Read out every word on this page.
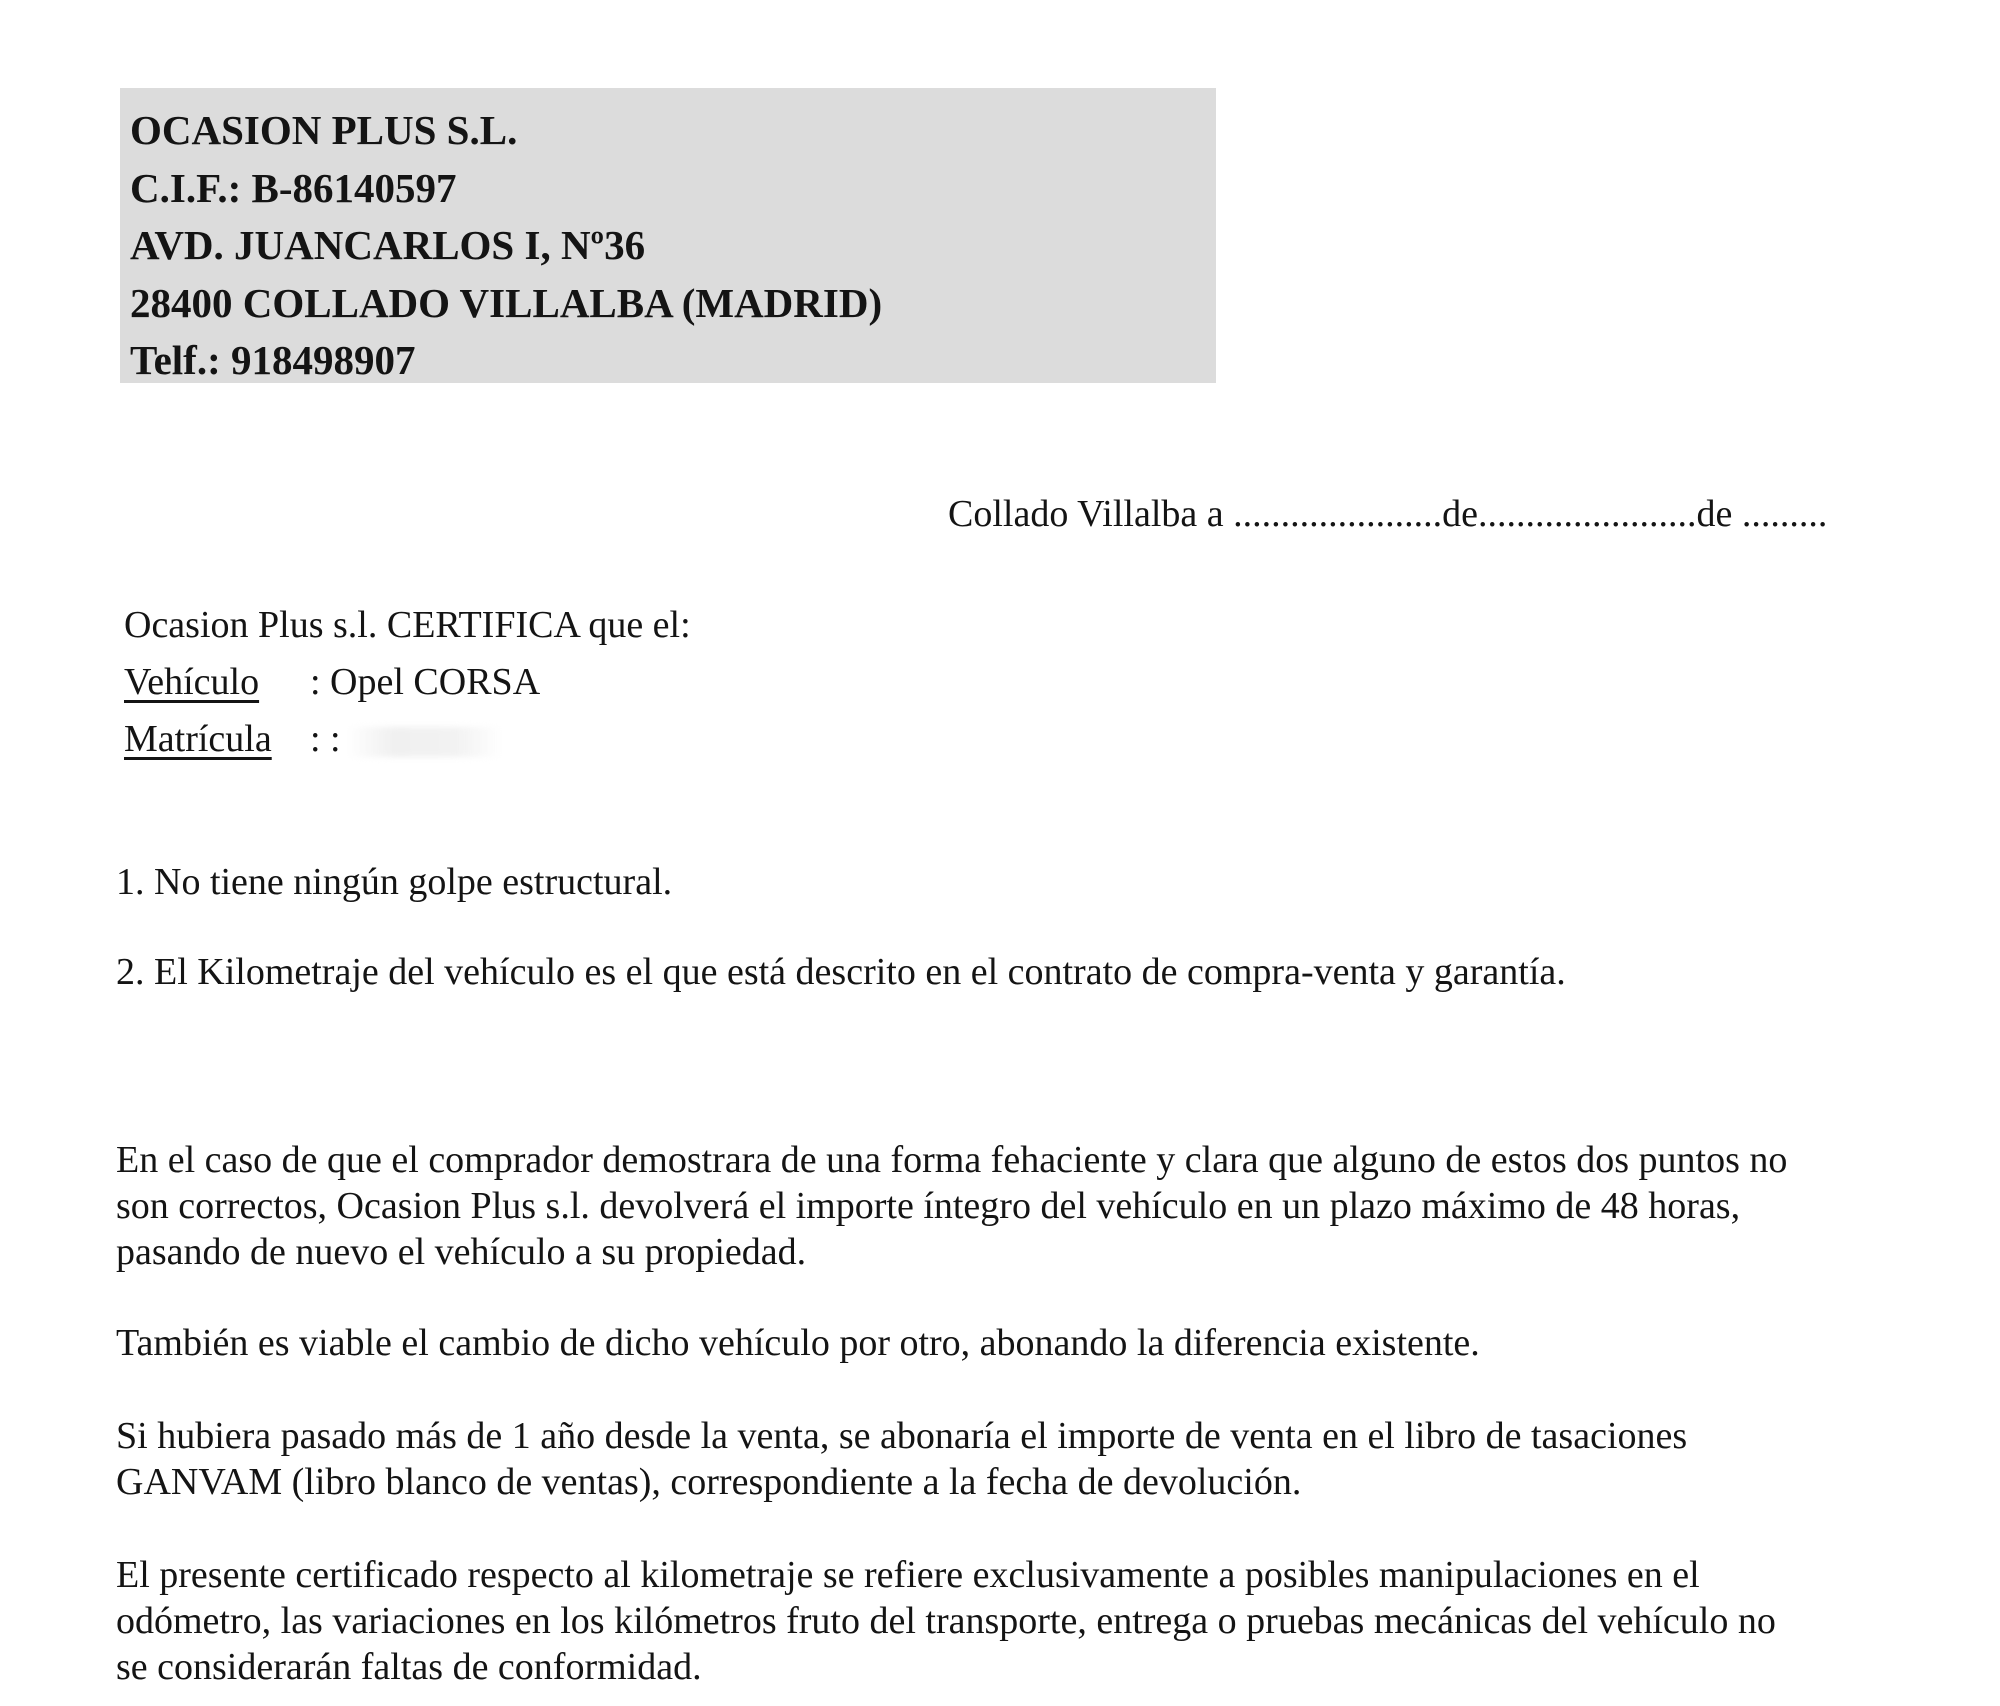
OCASION PLUS S.L.
C.I.F.: B-86140597
AVD. JUANCARLOS I, Nº36
28400 COLLADO VILLALBA (MADRID)
Telf.: 918498907
Collado Villalba a ......................de.......................de .........
Ocasion Plus s.l. CERTIFICA que el:
Vehículo : Opel CORSA
Matrícula : :
1. No tiene ningún golpe estructural.
2. El Kilometraje del vehículo es el que está descrito en el contrato de compra-venta y garantía.
En el caso de que el comprador demostrara de una forma fehaciente y clara que alguno de estos dos puntos no
son correctos, Ocasion Plus s.l. devolverá el importe íntegro del vehículo en un plazo máximo de 48 horas,
pasando de nuevo el vehículo a su propiedad.
También es viable el cambio de dicho vehículo por otro, abonando la diferencia existente.
Si hubiera pasado más de 1 año desde la venta, se abonaría el importe de venta en el libro de tasaciones
GANVAM (libro blanco de ventas), correspondiente a la fecha de devolución.
El presente certificado respecto al kilometraje se refiere exclusivamente a posibles manipulaciones en el
odómetro, las variaciones en los kilómetros fruto del transporte, entrega o pruebas mecánicas del vehículo no
se considerarán faltas de conformidad.
